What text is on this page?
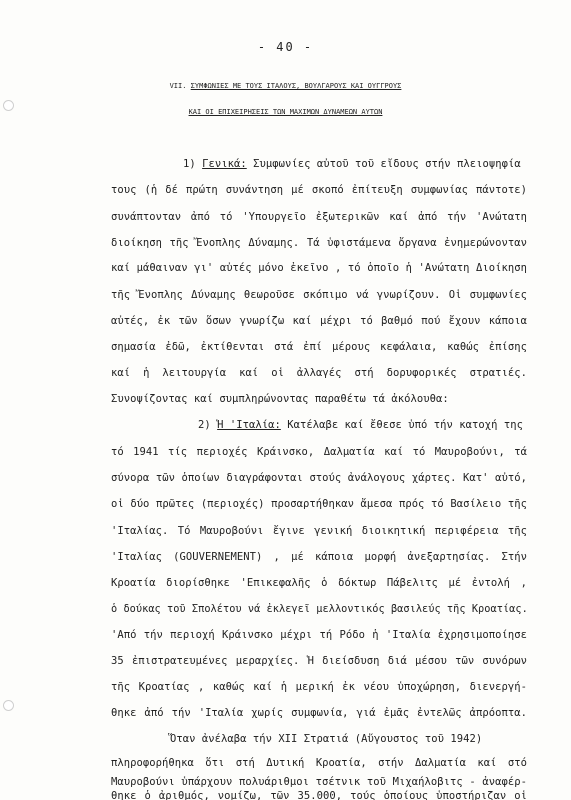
- 40 -
VII. ΣΥΜΦΩΝΙΕΣ ΜΕ ΤΟΥΣ ΙΤΑΛΟΥΣ, ΒΟΥΛΓΑΡΟΥΣ ΚΑΙ ΟΥΓΓΡΟΥΣ
ΚΑΙ ΟΙ ΕΠΙΧΕΙΡΗΣΕΙΣ ΤΩΝ ΜΑΧΙΜΩΝ ΔΥΝΑΜΕΩΝ ΑΥΤΩΝ
1) Γενικά: Συμφωνίες αὐτοῦ τοῦ εἴδους στήν πλειοψηφία
τους (ἡ δέ πρώτη συνάντηση μέ σκοπό ἐπίτευξη συμφωνίας πάντοτε)
συνάπτονταν ἀπό τό 'Υπουργεῖο ἐξωτερικῶν καί ἀπό τήν 'Ανώτατη
διοίκηση τῆς Ἔνοπλης Δύναμης. Τά ὑφιστάμενα ὄργανα ἐνημερώνονταν
καί μάθαιναν γι' αὐτές μόνο ἐκεῖνο , τό ὁποῖο ἡ 'Ανώτατη Διοίκηση
τῆς Ἔνοπλης Δύναμης θεωροῦσε σκόπιμο νά γνωρίζουν. Οἱ συμφωνίες
αὐτές, ἐκ τῶν ὅσων γνωρίζω καί μέχρι τό βαθμό πού ἔχουν κάποια
σημασία ἐδῶ, ἐκτίθενται στά ἐπί μέρους κεφάλαια, καθώς ἐπίσης
καί ἡ λειτουργία καί οἱ ἀλλαγές στή δορυφορικές στρατιές.
Συνοψίζοντας καί συμπληρώνοντας παραθέτω τά ἀκόλουθα:
2) Ἡ 'Ιταλία: Κατέλαβε καί ἔθεσε ὑπό τήν κατοχή της
τό 1941 τίς περιοχές Κράινσκο, Δαλματία καί τό Μαυροβούνι, τά
σύνορα τῶν ὁποίων διαγράφονται στούς ἀνάλογους χάρτες. Κατ' αὐτό,
οἱ δύο πρῶτες (περιοχές) προσαρτήθηκαν ἄμεσα πρός τό Βασίλειο τῆς
'Ιταλίας. Τό Μαυροβούνι ἔγινε γενική διοικητική περιφέρεια τῆς
'Ιταλίας (GOUVERNEMENT) , μέ κάποια μορφή ἀνεξαρτησίας. Στήν
Κροατία διορίσθηκε 'Επικεφαλῆς ὁ δόκτωρ Πάβελιτς μέ ἐντολή ,
ὁ δούκας τοῦ Σπολέτου νά ἐκλεγεῖ μελλοντικός βασιλεύς τῆς Κροατίας.
'Από τήν περιοχή Κράινσκο μέχρι τή Ρόδο ἡ 'Ιταλία ἐχρησιμοποίησε
35 ἐπιστρατευμένες μεραρχίες. Ἡ διείσδυση διά μέσου τῶν συνόρων
τῆς Κροατίας , καθώς καί ἡ μερική ἐκ νέου ὑποχώρηση, διενεργή-
θηκε ἀπό τήν 'Ιταλία χωρίς συμφωνία, γιά ἐμᾶς ἐντελῶς ἀπρόοπτα.
Ὅταν ἀνέλαβα τήν XII Στρατιά (Αὔγουστος τοῦ 1942)
πληροφορήθηκα ὅτι στή Δυτική Κροατία, στήν Δαλματία καί στό
Μαυροβούνι ὑπάρχουν πολυάριθμοι τσέτνικ τοῦ Μιχαήλοβιτς - ἀναφέρ-
θηκε ὁ ἀριθμός, νομίζω, τῶν 35.000, τούς ὁποίους ὑποστήριζαν οἱ
